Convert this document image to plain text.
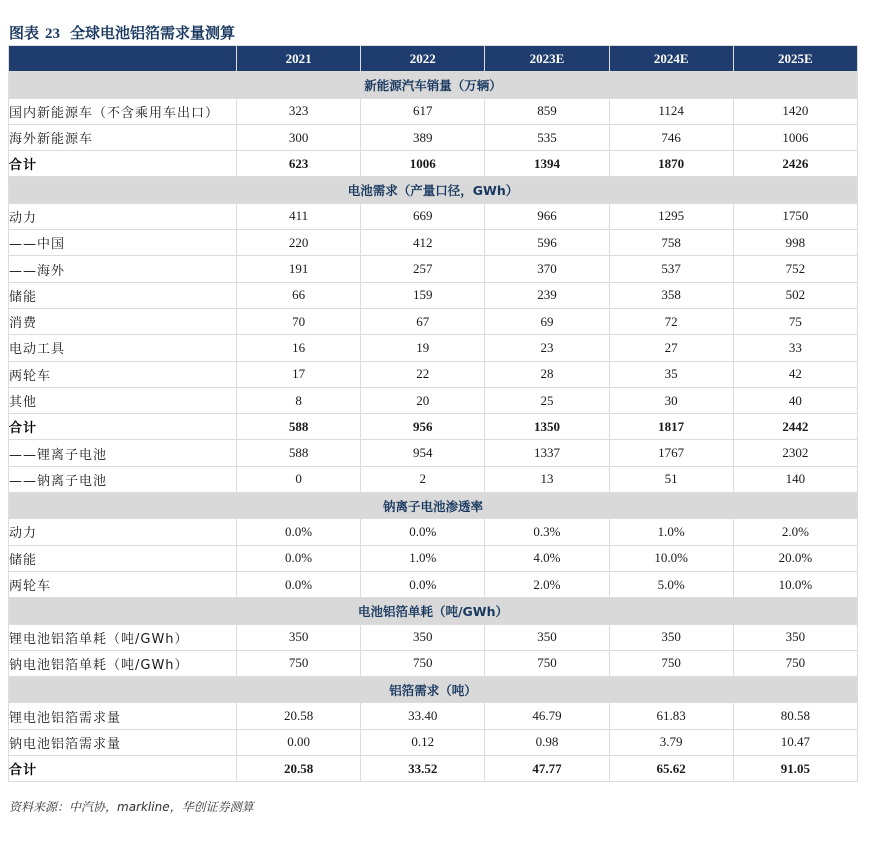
图表 23 全球电池铝箔需求量测算
	2021	2022	2023E	2024E	2025E
新能源汽车销量（万辆）					
国内新能源车（不含乘用车出口）	323	617	859	1124	1420
海外新能源车	300	389	535	746	1006
合计	623	1006	1394	1870	2426
电池需求（产量口径，GWh）					
动力	411	669	966	1295	1750
——中国	220	412	596	758	998
——海外	191	257	370	537	752
储能	66	159	239	358	502
消费	70	67	69	72	75
电动工具	16	19	23	27	33
两轮车	17	22	28	35	42
其他	8	20	25	30	40
合计	588	956	1350	1817	2442
——锂离子电池	588	954	1337	1767	2302
——钠离子电池	0	2	13	51	140
钠离子电池渗透率					
动力	0.0%	0.0%	0.3%	1.0%	2.0%
储能	0.0%	1.0%	4.0%	10.0%	20.0%
两轮车	0.0%	0.0%	2.0%	5.0%	10.0%
电池铝箔单耗（吨/GWh）					
锂电池铝箔单耗（吨/GWh）	350	350	350	350	350
钠电池铝箔单耗（吨/GWh）	750	750	750	750	750
铝箔需求（吨）					
锂电池铝箔需求量	20.58	33.40	46.79	61.83	80.58
钠电池铝箔需求量	0.00	0.12	0.98	3.79	10.47
合计	20.58	33.52	47.77	65.62	91.05
资料来源：中汽协，markline，华创证券测算
